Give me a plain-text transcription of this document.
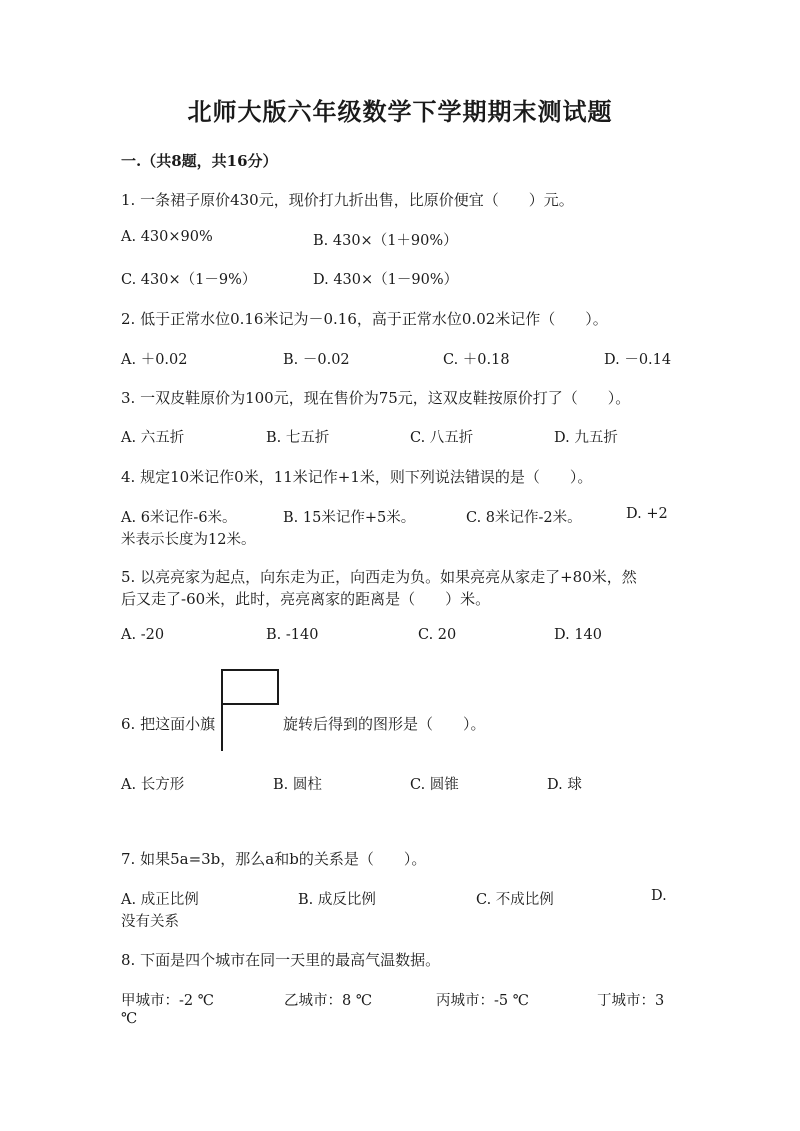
北师大版六年级数学下学期期末测试题
一.（共8题，共16分）
1. 一条裙子原价430元，现价打九折出售，比原价便宜（　　）元。
A. 430×90%	B. 430×（1＋90%）
C. 430×（1－9%）	D. 430×（1－90%）
2. 低于正常水位0.16米记为－0.16，高于正常水位0.02米记作（　　）。
A. ＋0.02	B. －0.02	C. ＋0.18	D. －0.14
3. 一双皮鞋原价为100元，现在售价为75元，这双皮鞋按原价打了（　　）。
A. 六五折	B. 七五折	C. 八五折	D. 九五折
4. 规定10米记作0米，11米记作+1米，则下列说法错误的是（　　）。
A. 6米记作-6米。	B. 15米记作+5米。	C. 8米记作-2米。	D. +2
米表示长度为12米。
5. 以亮亮家为起点，向东走为正，向西走为负。如果亮亮从家走了+80米，然
后又走了-60米，此时，亮亮离家的距离是（　　）米。
A. -20	B. -140	C. 20	D. 140
6. 把这面小旗	旋转后得到的图形是（　　）。
A. 长方形	B. 圆柱	C. 圆锥	D. 球
7. 如果5a=3b，那么a和b的关系是（　　）。
A. 成正比例	B. 成反比例	C. 不成比例	D.
没有关系
8. 下面是四个城市在同一天里的最高气温数据。
甲城市：-2 ℃	乙城市：8 ℃	丙城市：-5 ℃	丁城市：3
℃
